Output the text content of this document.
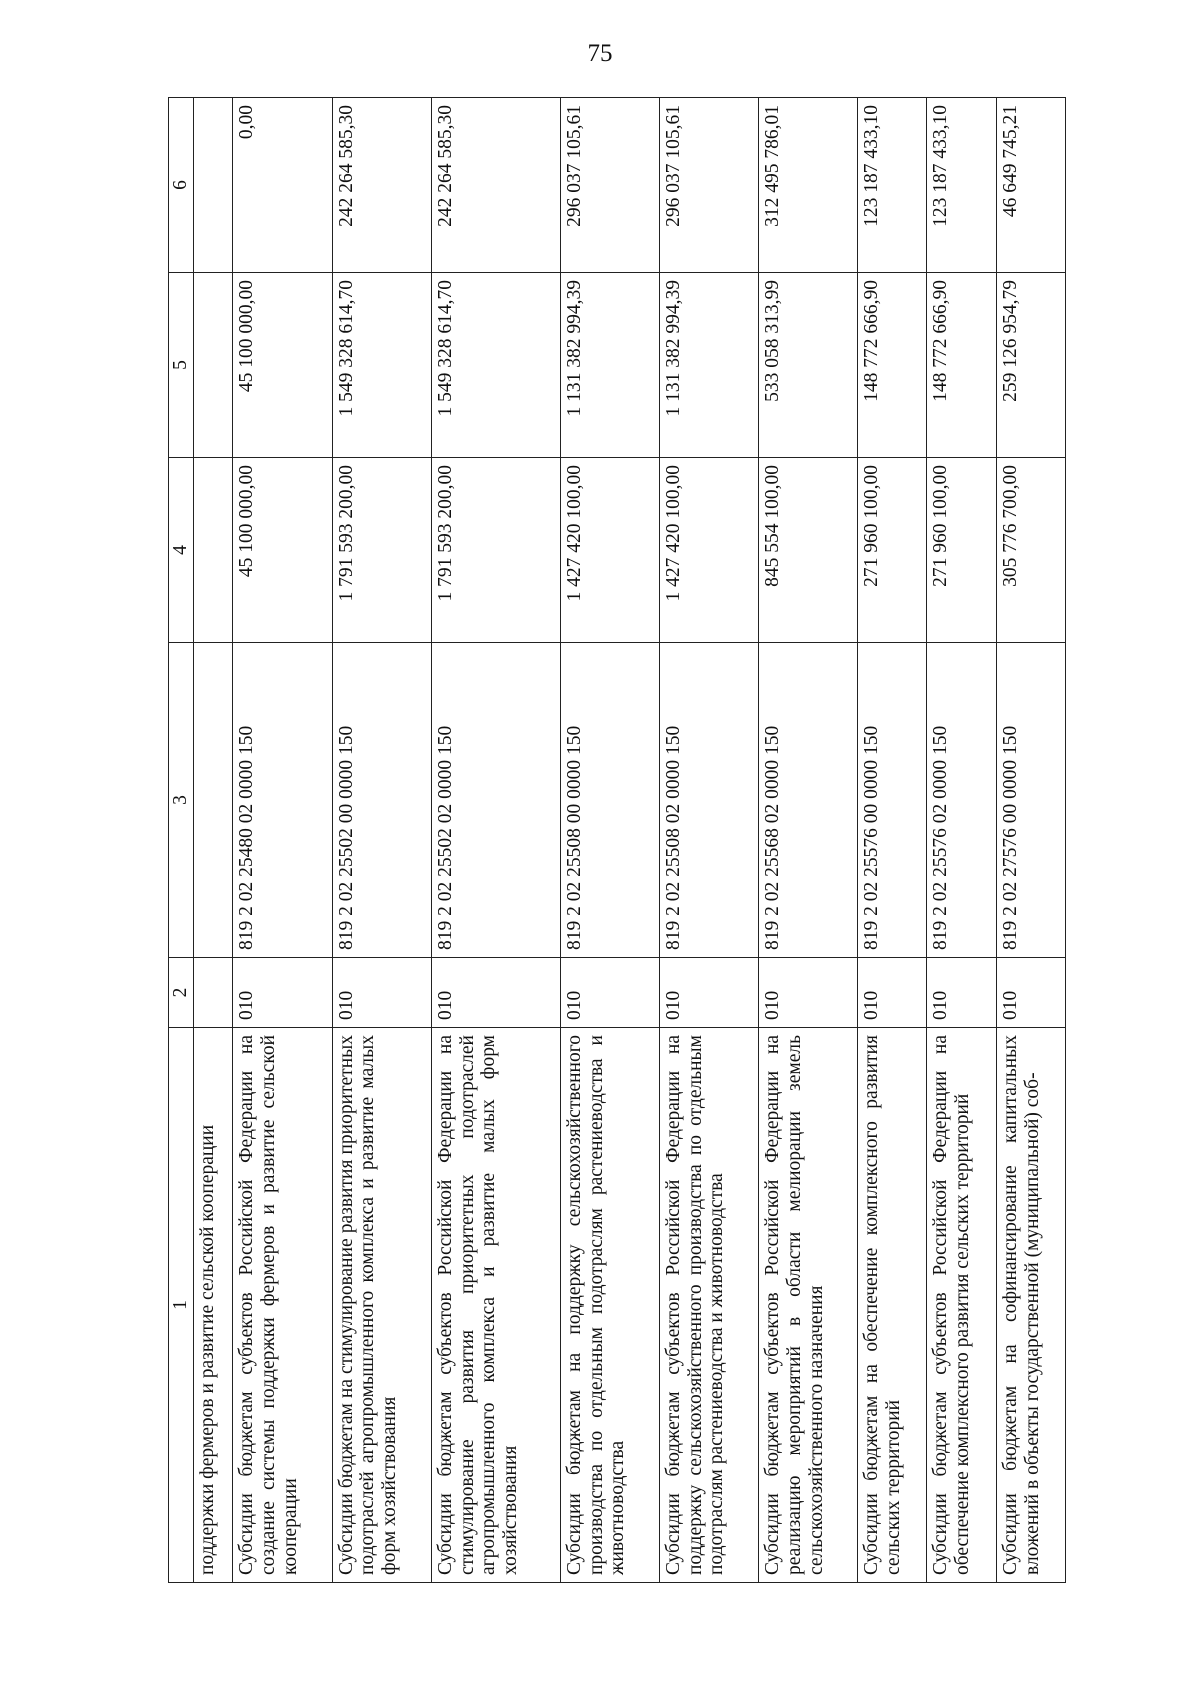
75
1	2	3	4	5	6
поддержки фермеров и развитие сельской кооперации					
Субсидии бюджетам субъектов Российской Федерации на создание системы поддержки фермеров и развитие сельской кооперации	010	819 2 02 25480 02 0000 150	45 100 000,00	45 100 000,00	0,00
Субсидии бюджетам на стимулирование развития приоритетных подотраслей агропромышленного комплекса и развитие малых форм хозяйствования	010	819 2 02 25502 00 0000 150	1 791 593 200,00	1 549 328 614,70	242 264 585,30
Субсидии бюджетам субъектов Российской Федерации на стимулирование развития приоритетных подотраслей агропромышленного комплекса и развитие малых форм хозяйствования	010	819 2 02 25502 02 0000 150	1 791 593 200,00	1 549 328 614,70	242 264 585,30
Субсидии бюджетам на поддержку сельскохозяйственного производства по отдельным подотраслям растениеводства и животноводства	010	819 2 02 25508 00 0000 150	1 427 420 100,00	1 131 382 994,39	296 037 105,61
Субсидии бюджетам субъектов Российской Федерации на поддержку сельскохозяйственного производства по отдельным подотраслям растениеводства и животноводства	010	819 2 02 25508 02 0000 150	1 427 420 100,00	1 131 382 994,39	296 037 105,61
Субсидии бюджетам субъектов Российской Федерации на реализацию мероприятий в области мелиорации земель сельскохозяйственного назначения	010	819 2 02 25568 02 0000 150	845 554 100,00	533 058 313,99	312 495 786,01
Субсидии бюджетам на обеспечение комплексного развития сельских территорий	010	819 2 02 25576 00 0000 150	271 960 100,00	148 772 666,90	123 187 433,10
Субсидии бюджетам субъектов Российской Федерации на обеспечение комплексного развития сельских территорий	010	819 2 02 25576 02 0000 150	271 960 100,00	148 772 666,90	123 187 433,10
Субсидии бюджетам на софинансирование капитальных вложений в объекты государственной (муниципальной) соб-	010	819 2 02 27576 00 0000 150	305 776 700,00	259 126 954,79	46 649 745,21
